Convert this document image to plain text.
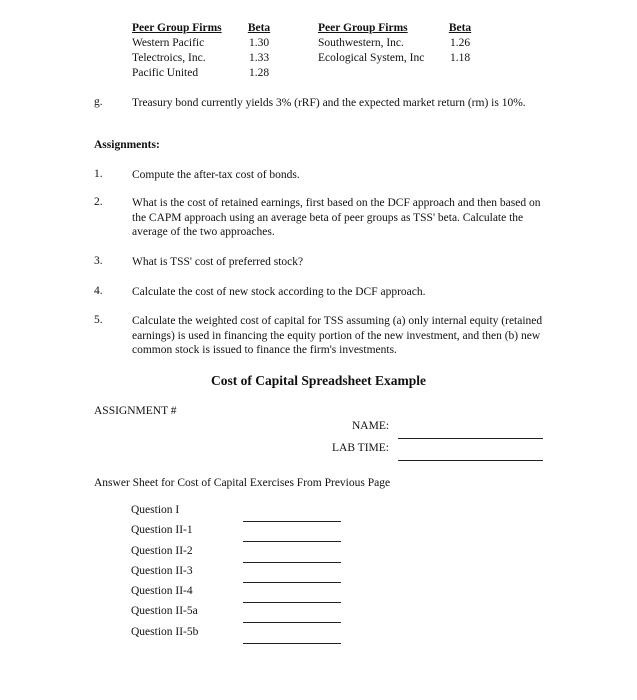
Peer Group Firms	Beta
Western Pacific	1.30
Telectroics, Inc.	1.33
Pacific United	1.28
Peer Group Firms	Beta
Southwestern, Inc.	1.26
Ecological System, Inc	1.18
g.	Treasury bond currently yields 3% (rRF) and the expected market return (rm) is 10%.
Assignments:
1.	Compute the after-tax cost of bonds.
2.	What is the cost of retained earnings, first based on the DCF approach and then based on the CAPM approach using an average beta of peer groups as TSS' beta. Calculate the average of the two approaches.
3.	What is TSS' cost of preferred stock?
4.	Calculate the cost of new stock according to the DCF approach.
5.	Calculate the weighted cost of capital for TSS assuming (a) only internal equity (retained earnings) is used in financing the equity portion of the new investment, and then (b) new common stock is issued to finance the firm's investments.
Cost of Capital Spreadsheet Example
ASSIGNMENT #
NAME:
LAB TIME:
Answer Sheet for Cost of Capital Exercises From Previous Page
Question I
Question II-1
Question II-2
Question II-3
Question II-4
Question II-5a
Question II-5b
